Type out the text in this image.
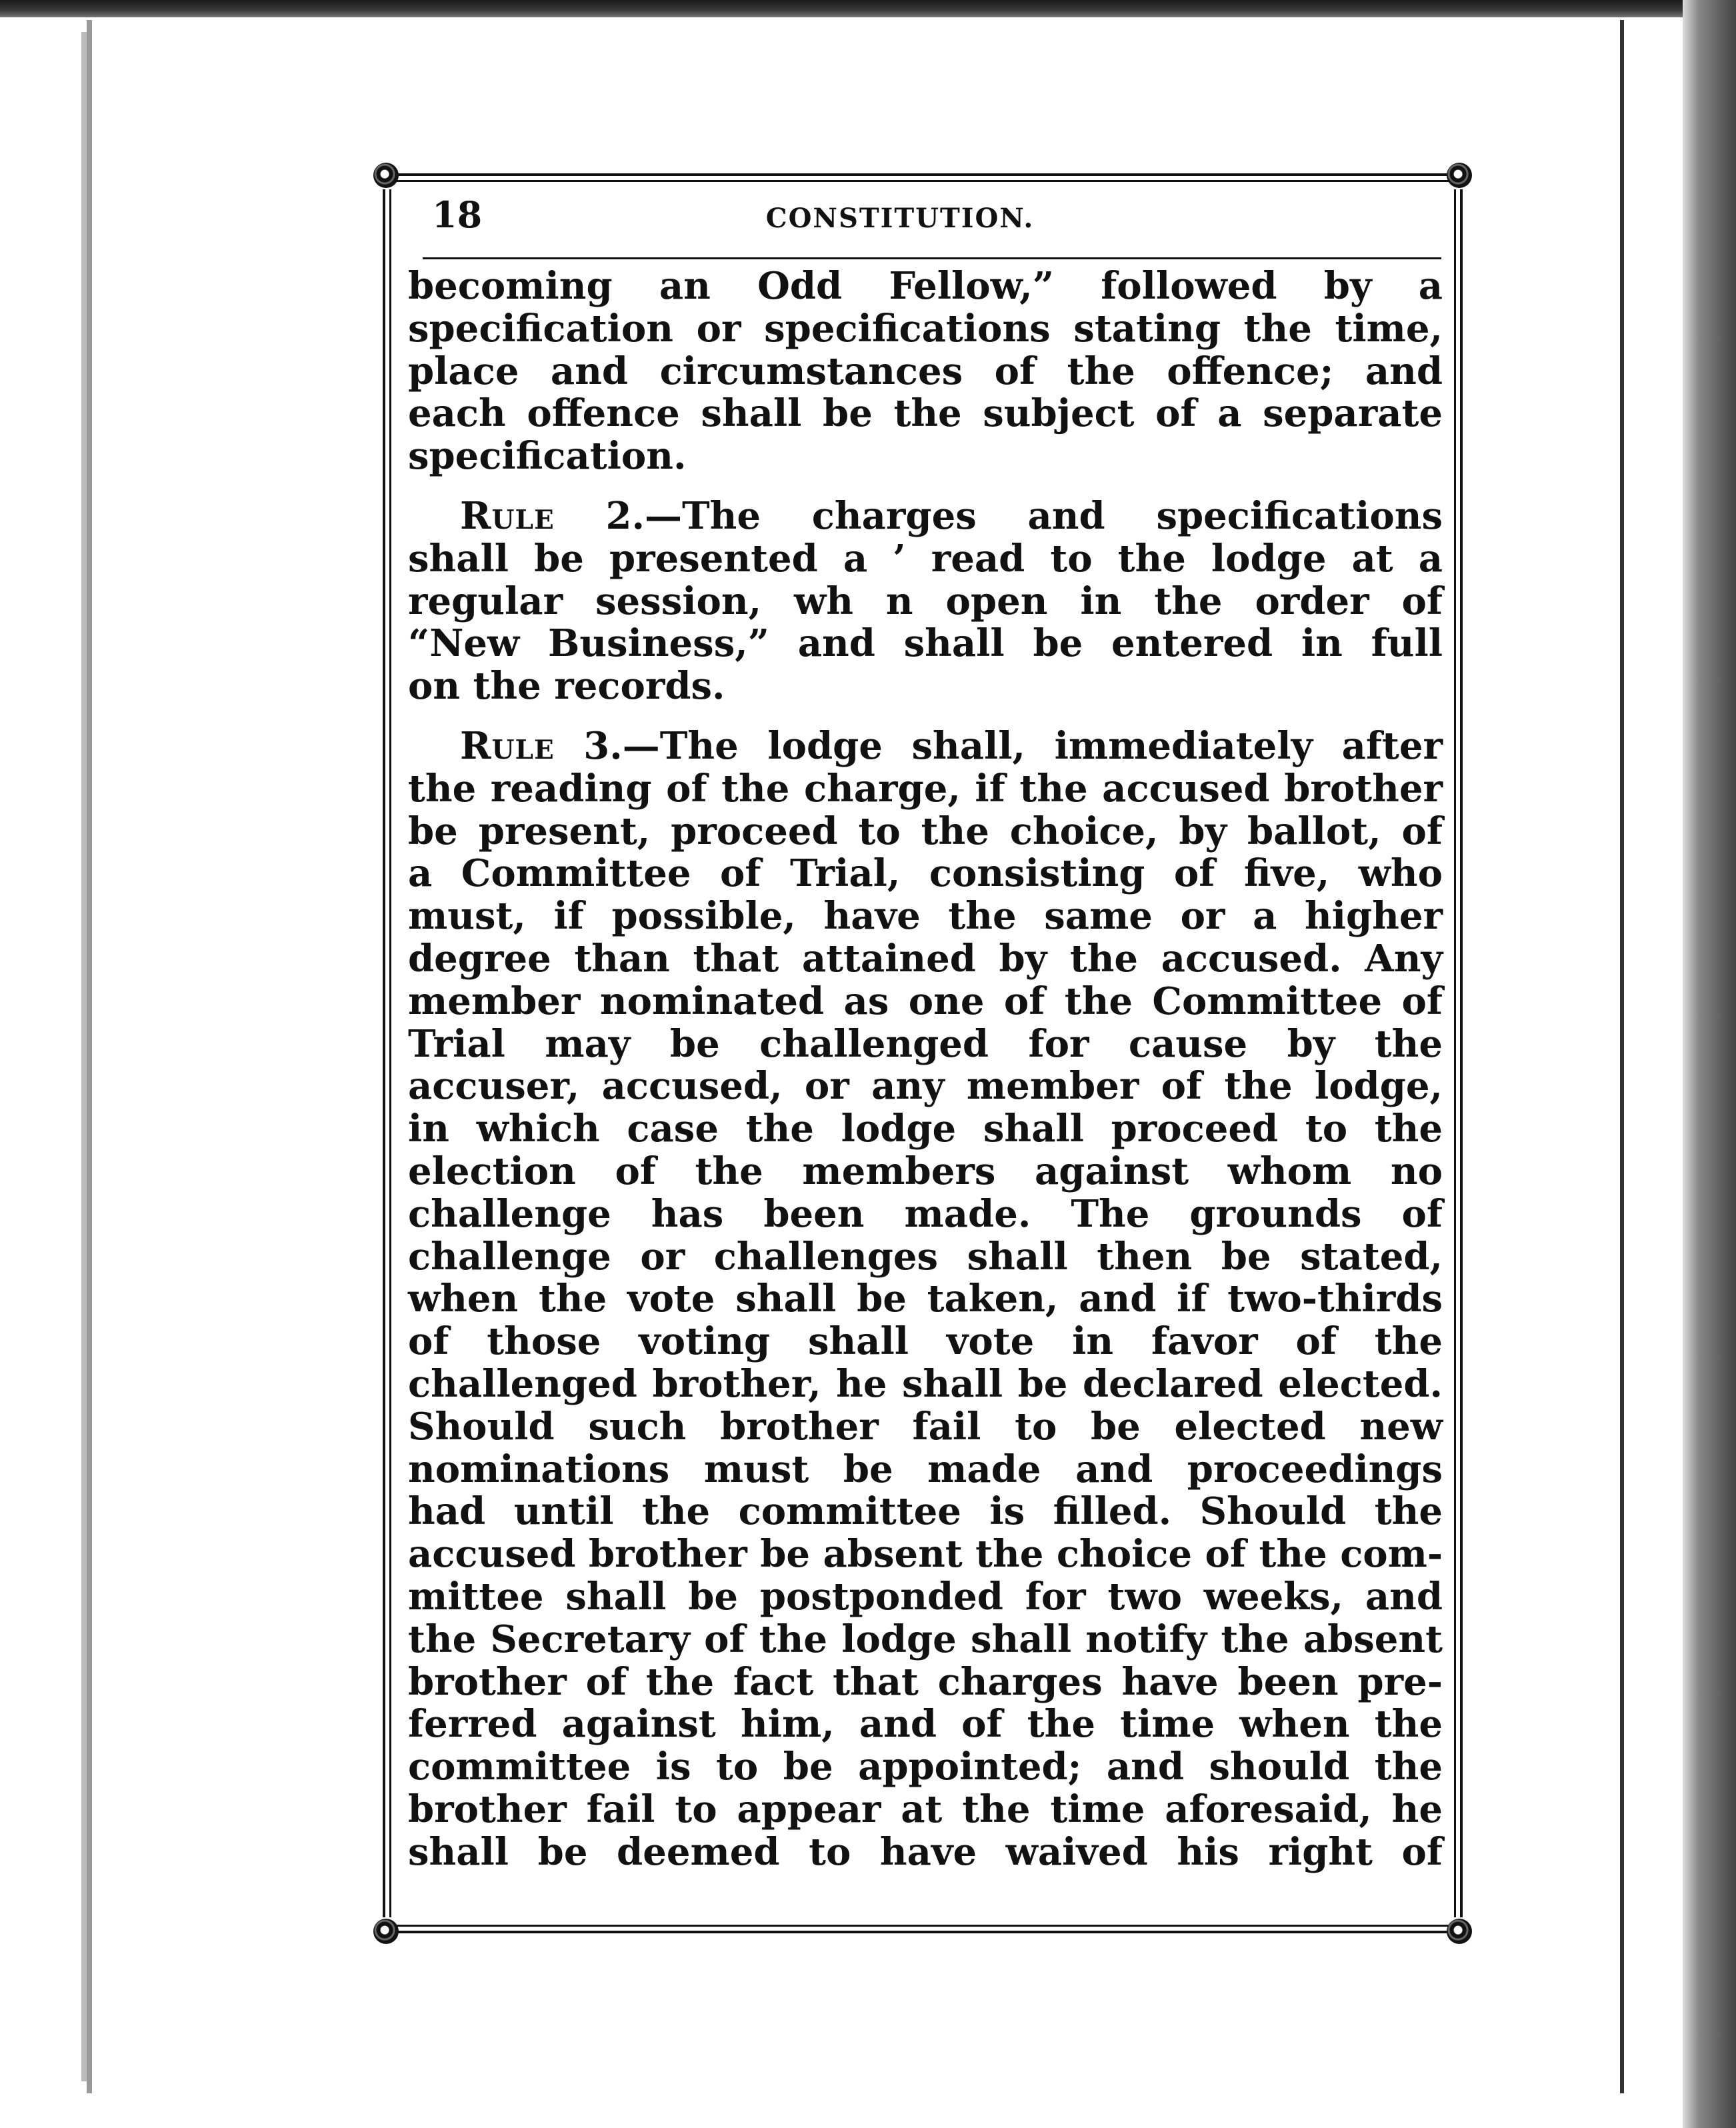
18	CONSTITUTION.

becoming an Odd Fellow,” followed by a
specification or specifications stating the time,
place and circumstances of the offence; and
each offence shall be the subject of a separate
specification.

Rule 2.—The charges and specifications
shall be presented a ’ read to the lodge at a
regular session, wh n open in the order of
“New Business,” and shall be entered in full
on the records.

Rule 3.—The lodge shall, immediately after
the reading of the charge, if the accused brother
be present, proceed to the choice, by ballot, of
a Committee of Trial, consisting of five, who
must, if possible, have the same or a higher
degree than that attained by the accused. Any
member nominated as one of the Committee of
Trial may be challenged for cause by the
accuser, accused, or any member of the lodge,
in which case the lodge shall proceed to the
election of the members against whom no
challenge has been made. The grounds of
challenge or challenges shall then be stated,
when the vote shall be taken, and if two-thirds
of those voting shall vote in favor of the
challenged brother, he shall be declared elected.
Should such brother fail to be elected new
nominations must be made and proceedings
had until the committee is filled. Should the
accused brother be absent the choice of the com-
mittee shall be postponded for two weeks, and
the Secretary of the lodge shall notify the absent
brother of the fact that charges have been pre-
ferred against him, and of the time when the
committee is to be appointed; and should the
brother fail to appear at the time aforesaid, he
shall be deemed to have waived his right of
